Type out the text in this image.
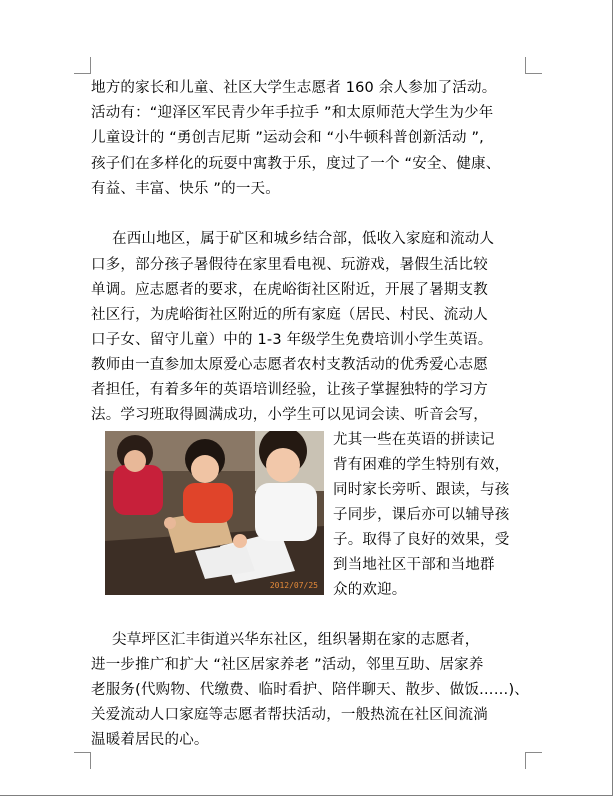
地方的家长和儿童、社区大学生志愿者 160 余人参加了活动。
活动有：“迎泽区军民青少年手拉手 ”和太原师范大学生为少年
儿童设计的 “勇创吉尼斯 ”运动会和 “小牛顿科普创新活动 ”,
孩子们在多样化的玩耍中寓教于乐，度过了一个 “安全、健康、
有益、丰富、快乐 ”的一天。
在西山地区，属于矿区和城乡结合部，低收入家庭和流动人
口多，部分孩子暑假待在家里看电视、玩游戏，暑假生活比较
单调。应志愿者的要求，在虎峪街社区附近，开展了暑期支教
社区行，为虎峪街社区附近的所有家庭（居民、村民、流动人
口子女、留守儿童）中的 1-3 年级学生免费培训小学生英语。
教师由一直参加太原爱心志愿者农村支教活动的优秀爱心志愿
者担任，有着多年的英语培训经验，让孩子掌握独特的学习方
法。学习班取得圆满成功，小学生可以见词会读、听音会写，
2012/07/25
尤其一些在英语的拼读记
背有困难的学生特别有效，
同时家长旁听、跟读，与孩
子同步，课后亦可以辅导孩
子。取得了良好的效果，受
到当地社区干部和当地群
众的欢迎。
尖草坪区汇丰街道兴华东社区，组织暑期在家的志愿者，
进一步推广和扩大 “社区居家养老 ”活动，邻里互助、居家养
老服务(代购物、代缴费、临时看护、陪伴聊天、散步、做饭……)、
关爱流动人口家庭等志愿者帮扶活动，一般热流在社区间流淌
温暖着居民的心。
